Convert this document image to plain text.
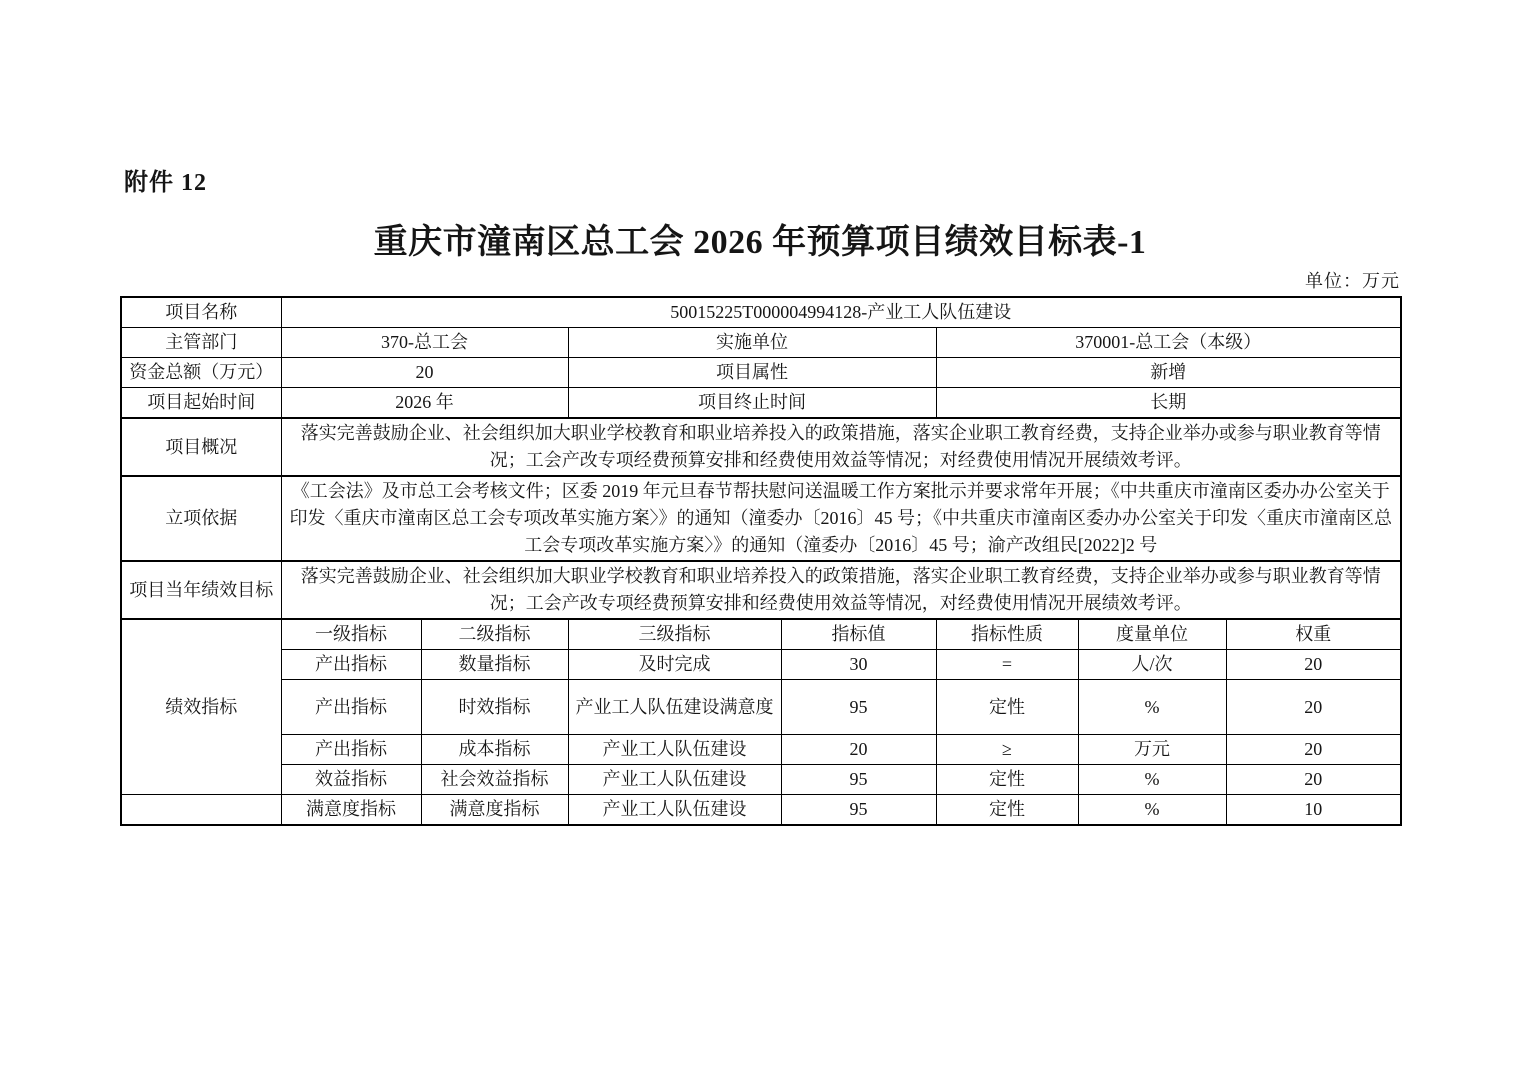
附件 12
重庆市潼南区总工会 2026 年预算项目绩效目标表-1
单位：万元
项目名称	50015225T000004994128-产业工人队伍建设						
主管部门	370-总工会		实施单位		370001-总工会（本级）		
资金总额（万元）	20		项目属性		新增		
项目起始时间	2026 年		项目终止时间		长期		
项目概况	落实完善鼓励企业、社会组织加大职业学校教育和职业培养投入的政策措施，落实企业职工教育经费，支持企业举办或参与职业教育等情况；工会产改专项经费预算安排和经费使用效益等情况；对经费使用情况开展绩效考评。						
立项依据	《工会法》及市总工会考核文件；区委 2019 年元旦春节帮扶慰问送温暖工作方案批示并要求常年开展；《中共重庆市潼南区委办办公室关于印发〈重庆市潼南区总工会专项改革实施方案〉》的通知（潼委办〔2016〕45 号；《中共重庆市潼南区委办办公室关于印发〈重庆市潼南区总工会专项改革实施方案〉》的通知（潼委办〔2016〕45 号；渝产改组民[2022]2 号						
项目当年绩效目标	落实完善鼓励企业、社会组织加大职业学校教育和职业培养投入的政策措施，落实企业职工教育经费，支持企业举办或参与职业教育等情况；工会产改专项经费预算安排和经费使用效益等情况，对经费使用情况开展绩效考评。						
绩效指标	一级指标	二级指标	三级指标	指标值	指标性质	度量单位	权重
	产出指标	数量指标	及时完成	30	=	人/次	20
	产出指标	时效指标	产业工人队伍建设满意度	95	定性	%	20
	产出指标	成本指标	产业工人队伍建设	20	≥	万元	20
	效益指标	社会效益指标	产业工人队伍建设	95	定性	%	20
	满意度指标	满意度指标	产业工人队伍建设	95	定性	%	10
